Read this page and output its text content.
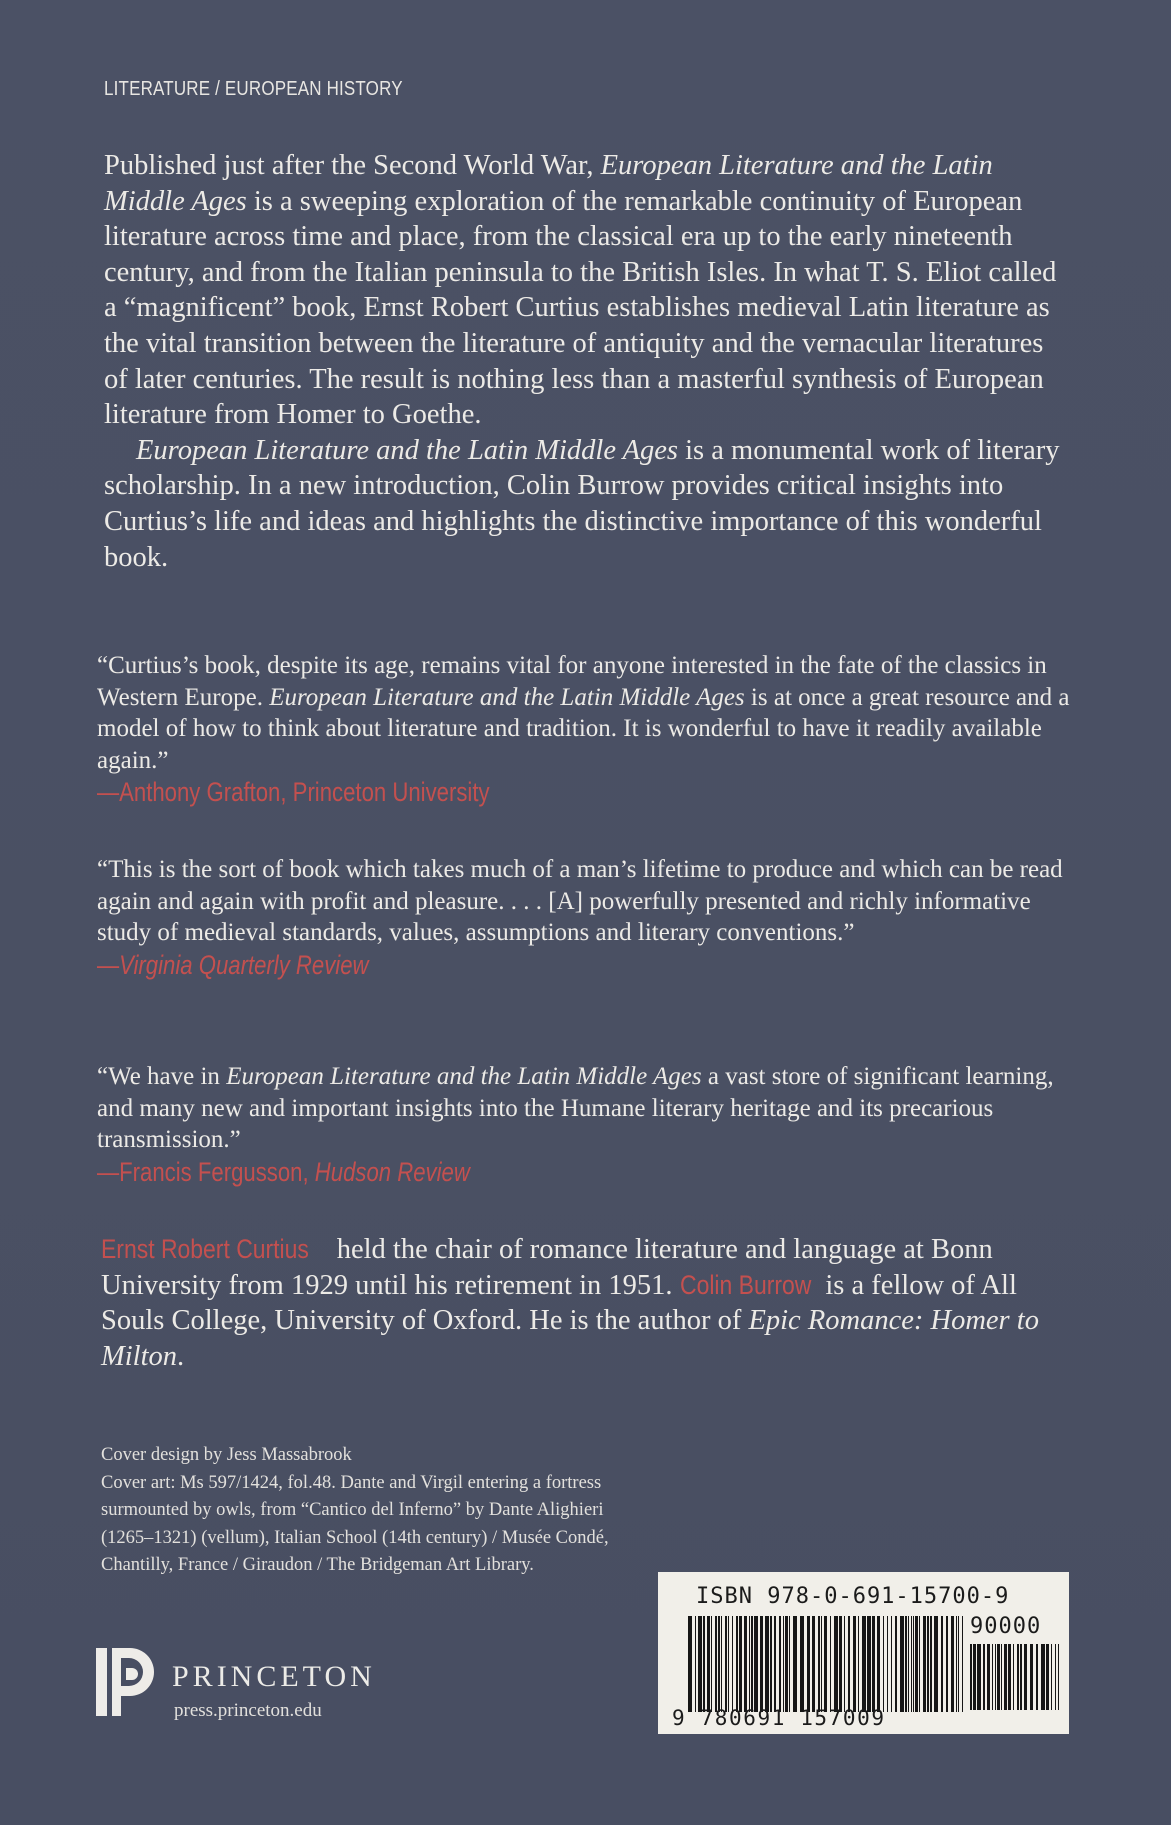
LITERATURE / EUROPEAN HISTORY

Published just after the Second World War, European Literature and the Latin Middle Ages is a sweeping exploration of the remarkable continuity of European literature across time and place, from the classical era up to the early nineteenth century, and from the Italian peninsula to the British Isles. In what T. S. Eliot called a “magnificent” book, Ernst Robert Curtius establishes medieval Latin literature as the vital transition between the literature of antiquity and the vernacular literatures of later centuries. The result is nothing less than a masterful synthesis of European literature from Homer to Goethe.

European Literature and the Latin Middle Ages is a monumental work of literary scholarship. In a new introduction, Colin Burrow provides critical insights into Curtius’s life and ideas and highlights the distinctive importance of this wonderful book.

“Curtius’s book, despite its age, remains vital for anyone interested in the fate of the classics in Western Europe. European Literature and the Latin Middle Ages is at once a great resource and a model of how to think about literature and tradition. It is wonderful to have it readily available again.”

—Anthony Grafton, Princeton University

“This is the sort of book which takes much of a man’s lifetime to produce and which can be read again and again with profit and pleasure. . . . [A] powerfully presented and richly informative study of medieval standards, values, assumptions and literary conventions.”

—Virginia Quarterly Review

“We have in European Literature and the Latin Middle Ages a vast store of significant learning, and many new and important insights into the Humane literary heritage and its precarious transmission.”

—Francis Fergusson, Hudson Review

Ernst Robert Curtius held the chair of romance literature and language at Bonn University from 1929 until his retirement in 1951. Colin Burrow is a fellow of All Souls College, University of Oxford. He is the author of Epic Romance: Homer to Milton.

Cover design by Jess Massabrook

Cover art: Ms 597/1424, fol.48. Dante and Virgil entering a fortress surmounted by owls, from “Cantico del Inferno” by Dante Alighieri (1265–1321) (vellum), Italian School (14th century) / Musée Condé, Chantilly, France / Giraudon / The Bridgeman Art Library.

PRINCETON
press.princeton.edu
ISBN 978-0-691-15700-9
90000
9 780691 157009
